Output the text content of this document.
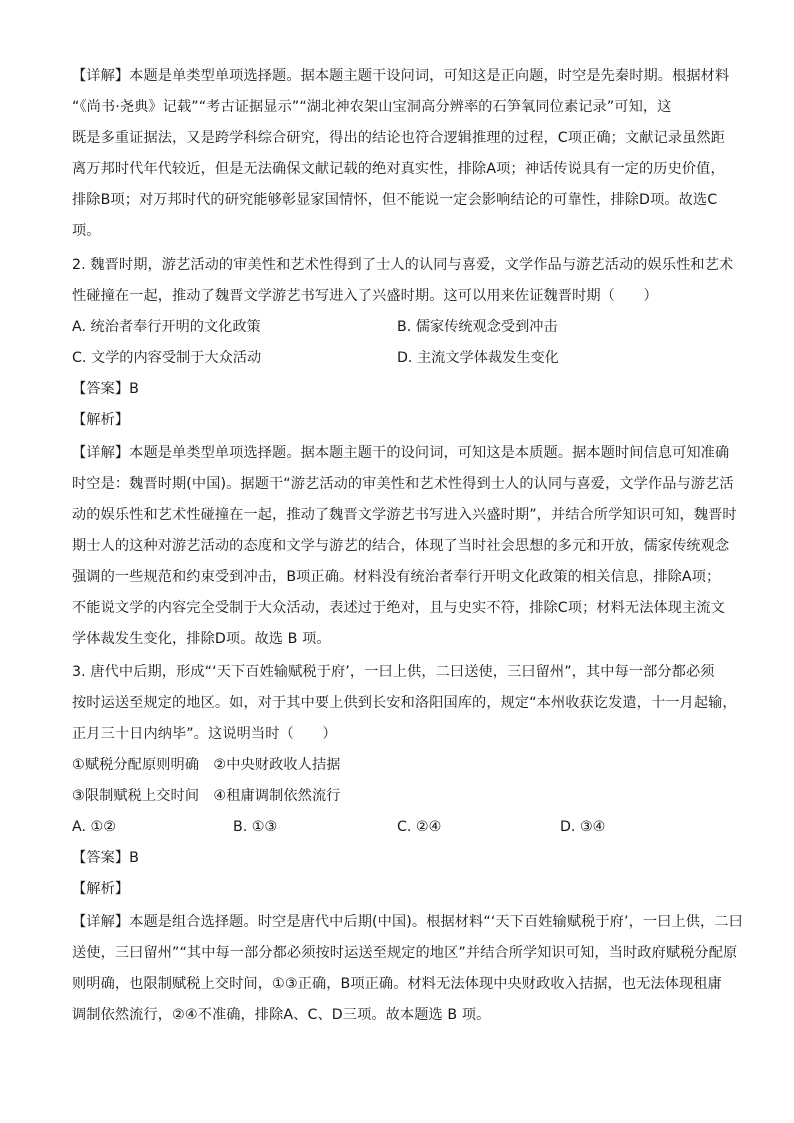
【详解】本题是单类型单项选择题。据本题主题干设问词，可知这是正向题，时空是先秦时期。根据材料
“《尚书·尧典》记载”“考古证据显示”“湖北神农架山宝洞高分辨率的石笋氧同位素记录”可知，这
既是多重证据法，又是跨学科综合研究，得出的结论也符合逻辑推理的过程，C项正确；文献记录虽然距
离万邦时代年代较近，但是无法确保文献记载的绝对真实性，排除A项；神话传说具有一定的历史价值，
排除B项；对万邦时代的研究能够彰显家国情怀，但不能说一定会影响结论的可靠性，排除D项。故选C
项。
2. 魏晋时期，游艺活动的审美性和艺术性得到了士人的认同与喜爱，文学作品与游艺活动的娱乐性和艺术
性碰撞在一起，推动了魏晋文学游艺书写进入了兴盛时期。这可以用来佐证魏晋时期（　　）
A. 统治者奉行开明的文化政策	B. 儒家传统观念受到冲击
C. 文学的内容受制于大众活动	D. 主流文学体裁发生变化
【答案】B
【解析】
【详解】本题是单类型单项选择题。据本题主题干的设问词，可知这是本质题。据本题时间信息可知准确
时空是：魏晋时期(中国)。据题干“游艺活动的审美性和艺术性得到士人的认同与喜爱，文学作品与游艺活
动的娱乐性和艺术性碰撞在一起，推动了魏晋文学游艺书写进入兴盛时期”，并结合所学知识可知，魏晋时
期士人的这种对游艺活动的态度和文学与游艺的结合，体现了当时社会思想的多元和开放，儒家传统观念
强调的一些规范和约束受到冲击，B项正确。材料没有统治者奉行开明文化政策的相关信息，排除A项；
不能说文学的内容完全受制于大众活动，表述过于绝对，且与史实不符，排除C项；材料无法体现主流文
学体裁发生变化，排除D项。故选 B 项。
3. 唐代中后期，形成“‘天下百姓输赋税于府’，一曰上供，二曰送使，三曰留州”，其中每一部分都必须
按时运送至规定的地区。如，对于其中要上供到长安和洛阳国库的，规定“本州收获讫发遣，十一月起输，
正月三十日内纳毕”。这说明当时（　　）
①赋税分配原则明确　②中央财政收人拮据
③限制赋税上交时间　④租庸调制依然流行
A. ①②	B. ①③	C. ②④	D. ③④
【答案】B
【解析】
【详解】本题是组合选择题。时空是唐代中后期(中国)。根据材料“‘天下百姓输赋税于府’，一曰上供，二曰
送使，三曰留州”“其中每一部分都必须按时运送至规定的地区”并结合所学知识可知，当时政府赋税分配原
则明确，也限制赋税上交时间，①③正确，B项正确。材料无法体现中央财政收入拮据，也无法体现租庸
调制依然流行，②④不准确，排除A、C、D三项。故本题选 B 项。
